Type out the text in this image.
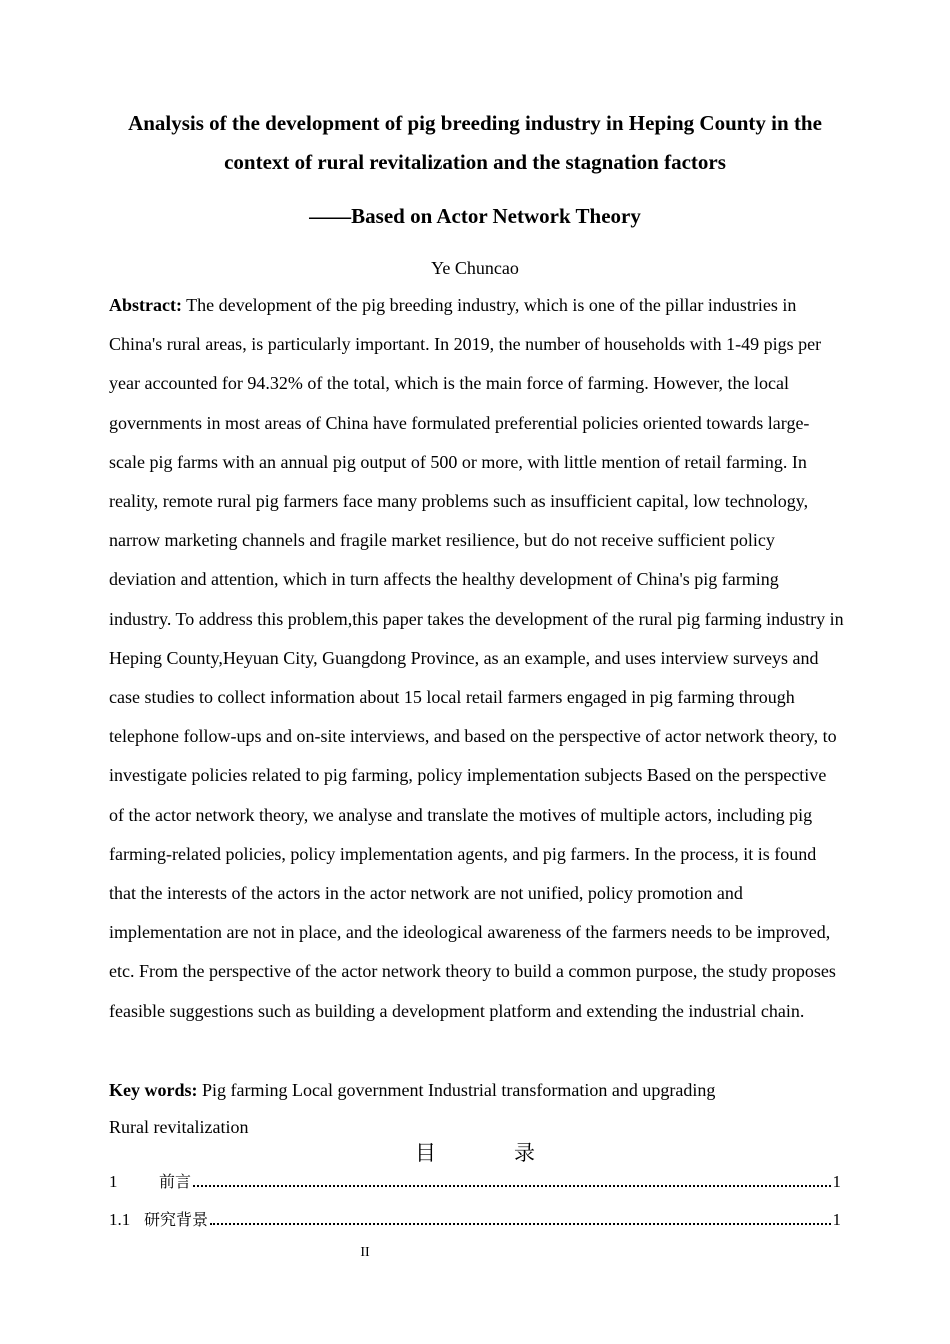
Analysis of the development of pig breeding industry in Heping County in the context of rural revitalization and the stagnation factors
——Based on Actor Network Theory
Ye Chuncao
Abstract: The development of the pig breeding industry, which is one of the pillar industries in China's rural areas, is particularly important. In 2019, the number of households with 1-49 pigs per year accounted for 94.32% of the total, which is the main force of farming. However, the local governments in most areas of China have formulated preferential policies oriented towards large-scale pig farms with an annual pig output of 500 or more, with little mention of retail farming. In reality, remote rural pig farmers face many problems such as insufficient capital, low technology, narrow marketing channels and fragile market resilience, but do not receive sufficient policy deviation and attention, which in turn affects the healthy development of China's pig farming industry. To address this problem,this paper takes the development of the rural pig farming industry in Heping County,Heyuan City, Guangdong Province, as an example, and uses interview surveys and case studies to collect information about 15 local retail farmers engaged in pig farming through telephone follow-ups and on-site interviews, and based on the perspective of actor network theory, to investigate policies related to pig farming, policy implementation subjects Based on the perspective of the actor network theory, we analyse and translate the motives of multiple actors, including pig farming-related policies, policy implementation agents, and pig farmers. In the process, it is found that the interests of the actors in the actor network are not unified, policy promotion and implementation are not in place, and the ideological awareness of the farmers needs to be improved, etc. From the perspective of the actor network theory to build a common purpose, the study proposes feasible suggestions such as building a development platform and extending the industrial chain.
Key words: Pig farming Local government Industrial transformation and upgrading
Rural revitalization
目	录
1	前言	1
1.1 研究背景	1
II
